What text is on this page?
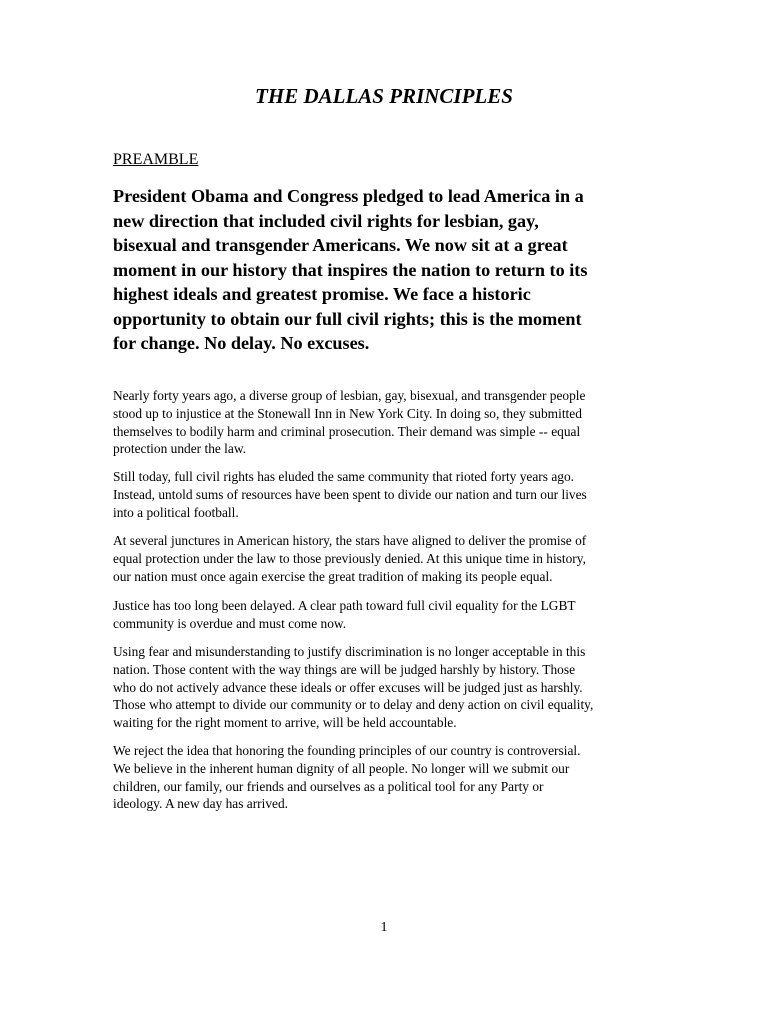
THE DALLAS PRINCIPLES
PREAMBLE
President Obama and Congress pledged to lead America in a
new direction that included civil rights for lesbian, gay,
bisexual and transgender Americans. We now sit at a great
moment in our history that inspires the nation to return to its
highest ideals and greatest promise. We face a historic
opportunity to obtain our full civil rights; this is the moment
for change. No delay. No excuses.
Nearly forty years ago, a diverse group of lesbian, gay, bisexual, and transgender people
stood up to injustice at the Stonewall Inn in New York City. In doing so, they submitted
themselves to bodily harm and criminal prosecution. Their demand was simple -- equal
protection under the law.
Still today, full civil rights has eluded the same community that rioted forty years ago.
Instead, untold sums of resources have been spent to divide our nation and turn our lives
into a political football.
At several junctures in American history, the stars have aligned to deliver the promise of
equal protection under the law to those previously denied. At this unique time in history,
our nation must once again exercise the great tradition of making its people equal.
Justice has too long been delayed. A clear path toward full civil equality for the LGBT
community is overdue and must come now.
Using fear and misunderstanding to justify discrimination is no longer acceptable in this
nation. Those content with the way things are will be judged harshly by history. Those
who do not actively advance these ideals or offer excuses will be judged just as harshly.
Those who attempt to divide our community or to delay and deny action on civil equality,
waiting for the right moment to arrive, will be held accountable.
We reject the idea that honoring the founding principles of our country is controversial.
We believe in the inherent human dignity of all people. No longer will we submit our
children, our family, our friends and ourselves as a political tool for any Party or
ideology. A new day has arrived.
1
